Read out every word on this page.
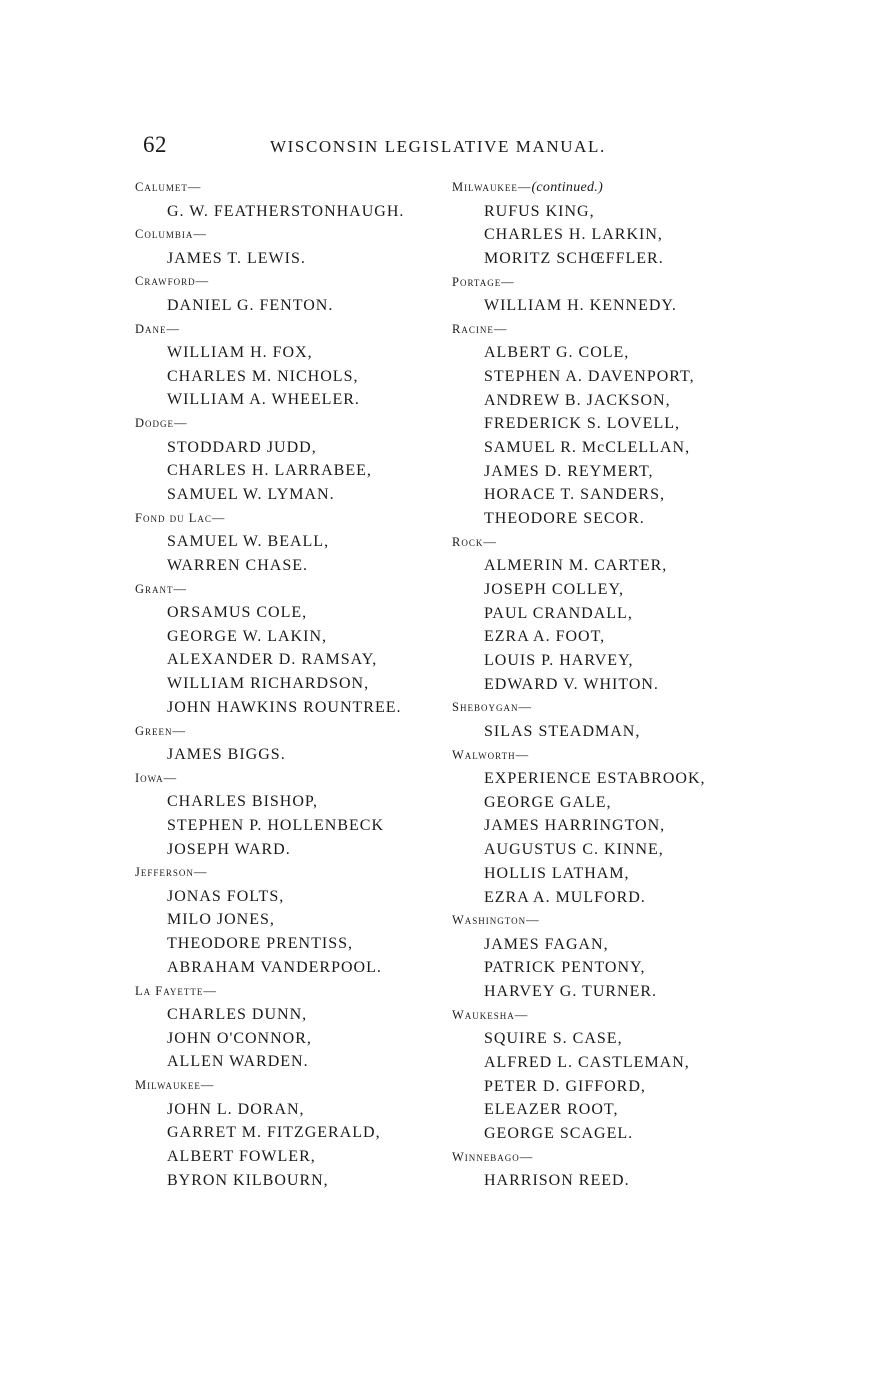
62	WISCONSIN LEGISLATIVE MANUAL.
Calumet—
G. W. FEATHERSTONHAUGH.
Columbia—
JAMES T. LEWIS.
Crawford—
DANIEL G. FENTON.
Dane—
WILLIAM H. FOX,
CHARLES M. NICHOLS,
WILLIAM A. WHEELER.
Dodge—
STODDARD JUDD,
CHARLES H. LARRABEE,
SAMUEL W. LYMAN.
Fond du Lac—
SAMUEL W. BEALL,
WARREN CHASE.
Grant—
ORSAMUS COLE,
GEORGE W. LAKIN,
ALEXANDER D. RAMSAY,
WILLIAM RICHARDSON,
JOHN HAWKINS ROUNTREE.
Green—
JAMES BIGGS.
Iowa—
CHARLES BISHOP,
STEPHEN P. HOLLENBECK
JOSEPH WARD.
Jefferson—
JONAS FOLTS,
MILO JONES,
THEODORE PRENTISS,
ABRAHAM VANDERPOOL.
La Fayette—
CHARLES DUNN,
JOHN O'CONNOR,
ALLEN WARDEN.
Milwaukee—
JOHN L. DORAN,
GARRET M. FITZGERALD,
ALBERT FOWLER,
BYRON KILBOURN,
Milwaukee—(continued.)
RUFUS KING,
CHARLES H. LARKIN,
MORITZ SCHŒFFLER.
Portage—
WILLIAM H. KENNEDY.
Racine—
ALBERT G. COLE,
STEPHEN A. DAVENPORT,
ANDREW B. JACKSON,
FREDERICK S. LOVELL,
SAMUEL R. McCLELLAN,
JAMES D. REYMERT,
HORACE T. SANDERS,
THEODORE SECOR.
Rock—
ALMERIN M. CARTER,
JOSEPH COLLEY,
PAUL CRANDALL,
EZRA A. FOOT,
LOUIS P. HARVEY,
EDWARD V. WHITON.
Sheboygan—
SILAS STEADMAN,
Walworth—
EXPERIENCE ESTABROOK,
GEORGE GALE,
JAMES HARRINGTON,
AUGUSTUS C. KINNE,
HOLLIS LATHAM,
EZRA A. MULFORD.
Washington—
JAMES FAGAN,
PATRICK PENTONY,
HARVEY G. TURNER.
Waukesha—
SQUIRE S. CASE,
ALFRED L. CASTLEMAN,
PETER D. GIFFORD,
ELEAZER ROOT,
GEORGE SCAGEL.
Winnebago—
HARRISON REED.
